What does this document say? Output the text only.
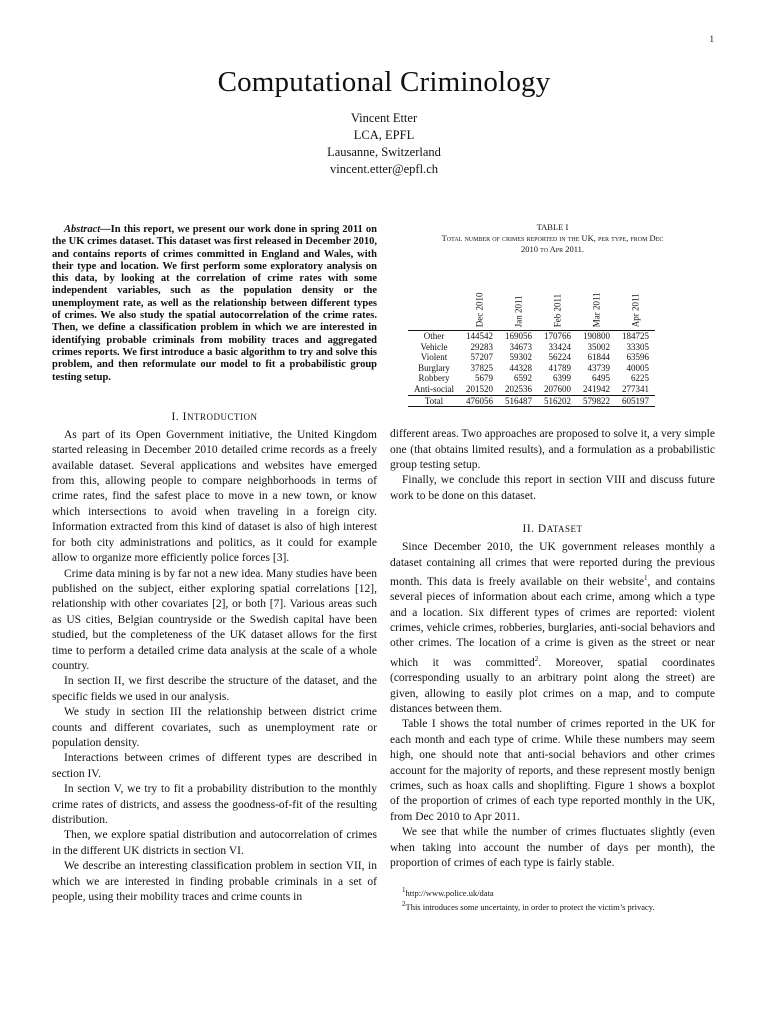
1
Computational Criminology
Vincent Etter
LCA, EPFL
Lausanne, Switzerland
vincent.etter@epfl.ch

Abstract—In this report, we present our work done in spring 2011 on the UK crimes dataset. This dataset was first released in December 2010, and contains reports of crimes committed in England and Wales, with their type and location. We first perform some exploratory analysis on this data, by looking at the correlation of crime rates with some independent variables, such as the population density or the unemployment rate, as well as the relationship between different types of crimes. We also study the spatial autocorrelation of the crime rates. Then, we define a classification problem in which we are interested in identifying probable criminals from mobility traces and aggregated crimes reports. We first introduce a basic algorithm to try and solve this problem, and then reformulate our model to fit a probabilistic group testing setup.

I. INTRODUCTION

As part of its Open Government initiative, the United Kingdom started releasing in December 2010 detailed crime records as a freely available dataset. Several applications and websites have emerged from this, allowing people to compare neighborhoods in terms of crime rates, find the safest place to move in a new town, or know which intersections to avoid when traveling in a foreign city. Information extracted from this kind of dataset is also of high interest for both city administrations and politics, as it could for example allow to organize more efficiently police forces [3].

Crime data mining is by far not a new idea. Many studies have been published on the subject, either exploring spatial correlations [12], relationship with other covariates [2], or both [7]. Various areas such as US cities, Belgian countryside or the Swedish capital have been studied, but the completeness of the UK dataset allows for the first time to perform a detailed crime data analysis at the scale of a whole country.

In section II, we first describe the structure of the dataset, and the specific fields we used in our analysis.

We study in section III the relationship between district crime counts and different covariates, such as unemployment rate or population density.

Interactions between crimes of different types are described in section IV.

In section V, we try to fit a probability distribution to the monthly crime rates of districts, and assess the goodness-of-fit of the resulting distribution.

Then, we explore spatial distribution and autocorrelation of crimes in the different UK districts in section VI.

We describe an interesting classification problem in section VII, in which we are interested in finding probable criminals in a set of people, using their mobility traces and crime counts in

TABLE I
Total number of crimes reported in the UK, per type, from Dec
2010 to Apr 2011.
	Dec 2010	Jan 2011	Feb 2011	Mar 2011	Apr 2011
Other	144542	169056	170766	190800	184725
Vehicle	29283	34673	33424	35002	33305
Violent	57207	59302	56224	61844	63596
Burglary	37825	44328	41789	43739	40005
Robbery	5679	6592	6399	6495	6225
Anti-social	201520	202536	207600	241942	277341
Total	476056	516487	516202	579822	605197

different areas. Two approaches are proposed to solve it, a very simple one (that obtains limited results), and a formulation as a probabilistic group testing setup.

Finally, we conclude this report in section VIII and discuss future work to be done on this dataset.

II. DATASET

Since December 2010, the UK government releases monthly a dataset containing all crimes that were reported during the previous month. This data is freely available on their website$^1$, and contains several pieces of information about each crime, among which a type and a location. Six different types of crimes are reported: violent crimes, vehicle crimes, robberies, burglaries, anti-social behaviors and other crimes. The location of a crime is given as the street or near which it was committed$^2$. Moreover, spatial coordinates (corresponding usually to an arbitrary point along the street) are given, allowing to easily plot crimes on a map, and to compute distances between them.

Table I shows the total number of crimes reported in the UK for each month and each type of crime. While these numbers may seem high, one should note that anti-social behaviors and other crimes account for the majority of reports, and these represent mostly benign crimes, such as hoax calls and shoplifting. Figure 1 shows a boxplot of the proportion of crimes of each type reported monthly in the UK, from Dec 2010 to Apr 2011.

We see that while the number of crimes fluctuates slightly (even when taking into account the number of days per month), the proportion of crimes of each type is fairly stable.

$^1$http://www.police.uk/data
$^2$This introduces some uncertainty, in order to protect the victim’s privacy.
